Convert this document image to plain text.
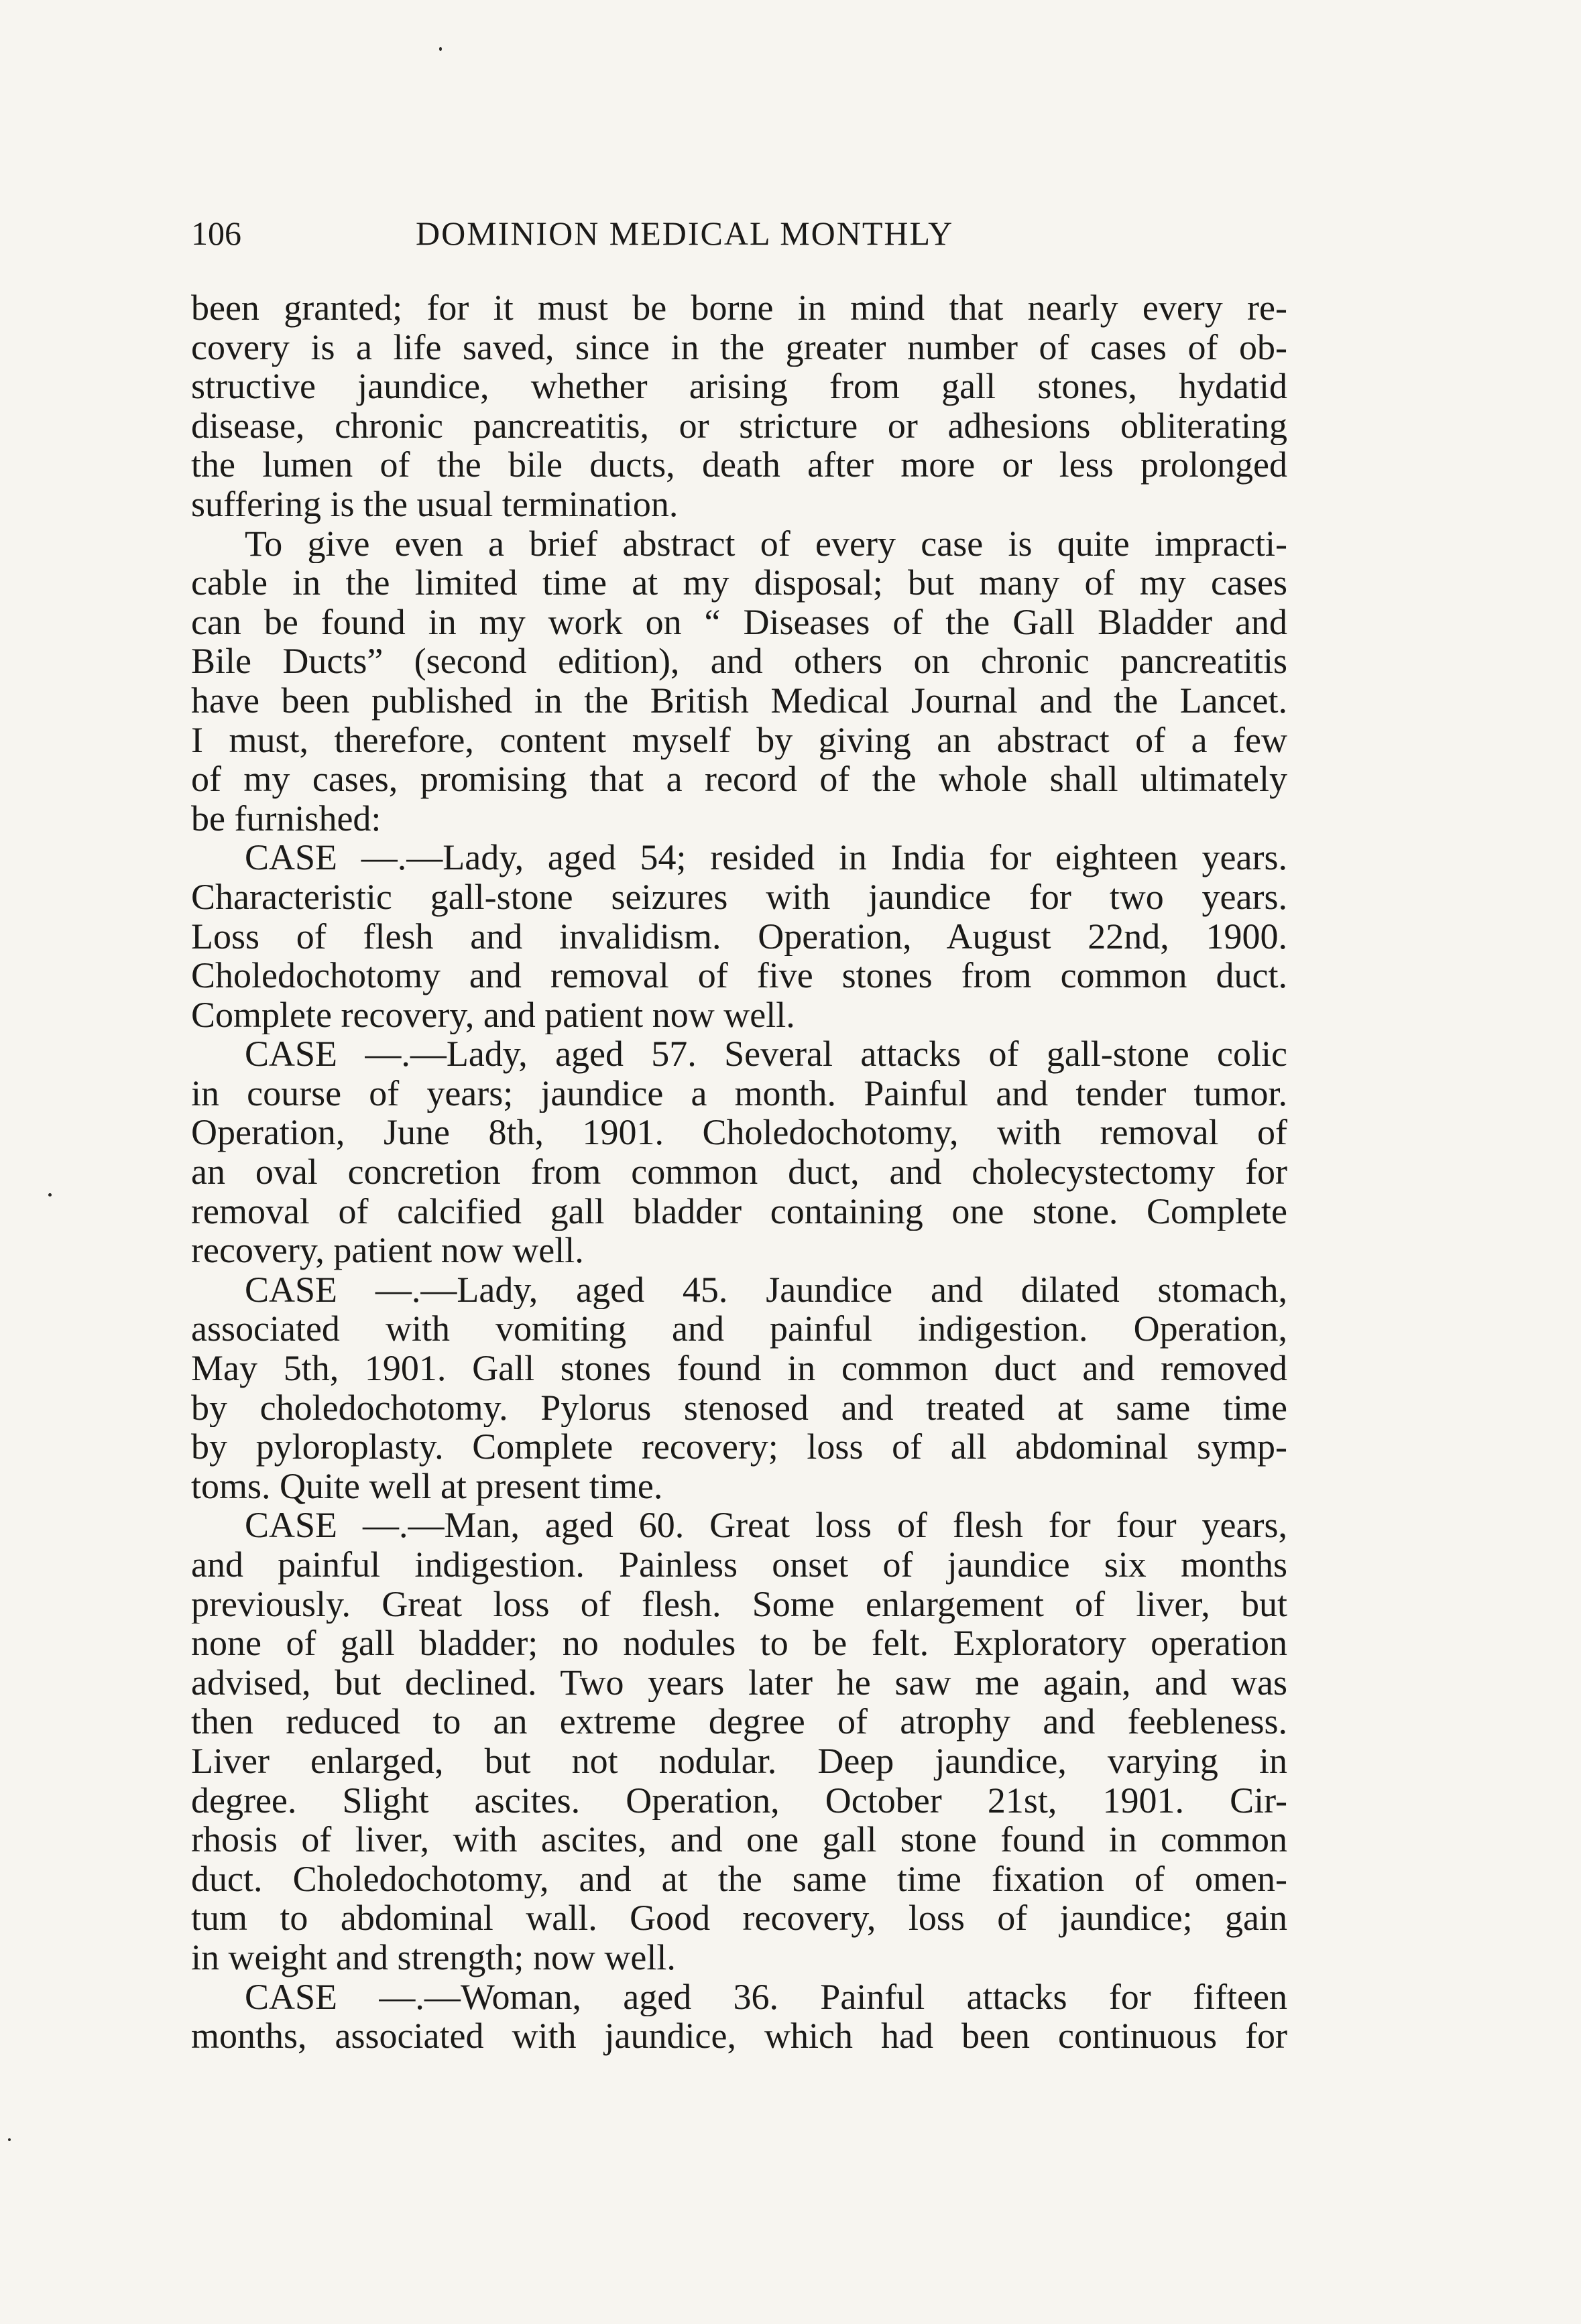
106	DOMINION MEDICAL MONTHLY
been granted; for it must be borne in mind that nearly every re-
covery is a life saved, since in the greater number of cases of ob-
structive jaundice, whether arising from gall stones, hydatid
disease, chronic pancreatitis, or stricture or adhesions obliterating
the lumen of the bile ducts, death after more or less prolonged
suffering is the usual termination.
To give even a brief abstract of every case is quite impracti-
cable in the limited time at my disposal; but many of my cases
can be found in my work on “ Diseases of the Gall Bladder and
Bile Ducts” (second edition), and others on chronic pancreatitis
have been published in the British Medical Journal and the Lancet.
I must, therefore, content myself by giving an abstract of a few
of my cases, promising that a record of the whole shall ultimately
be furnished:
CASE —.—Lady, aged 54; resided in India for eighteen years.
Characteristic gall-stone seizures with jaundice for two years.
Loss of flesh and invalidism. Operation, August 22nd, 1900.
Choledochotomy and removal of five stones from common duct.
Complete recovery, and patient now well.
CASE —.—Lady, aged 57. Several attacks of gall-stone colic
in course of years; jaundice a month. Painful and tender tumor.
Operation, June 8th, 1901. Choledochotomy, with removal of
an oval concretion from common duct, and cholecystectomy for
removal of calcified gall bladder containing one stone. Complete
recovery, patient now well.
CASE —.—Lady, aged 45. Jaundice and dilated stomach,
associated with vomiting and painful indigestion. Operation,
May 5th, 1901. Gall stones found in common duct and removed
by choledochotomy. Pylorus stenosed and treated at same time
by pyloroplasty. Complete recovery; loss of all abdominal symp-
toms. Quite well at present time.
CASE —.—Man, aged 60. Great loss of flesh for four years,
and painful indigestion. Painless onset of jaundice six months
previously. Great loss of flesh. Some enlargement of liver, but
none of gall bladder; no nodules to be felt. Exploratory operation
advised, but declined. Two years later he saw me again, and was
then reduced to an extreme degree of atrophy and feebleness.
Liver enlarged, but not nodular. Deep jaundice, varying in
degree. Slight ascites. Operation, October 21st, 1901. Cir-
rhosis of liver, with ascites, and one gall stone found in common
duct. Choledochotomy, and at the same time fixation of omen-
tum to abdominal wall. Good recovery, loss of jaundice; gain
in weight and strength; now well.
CASE —.—Woman, aged 36. Painful attacks for fifteen
months, associated with jaundice, which had been continuous for
